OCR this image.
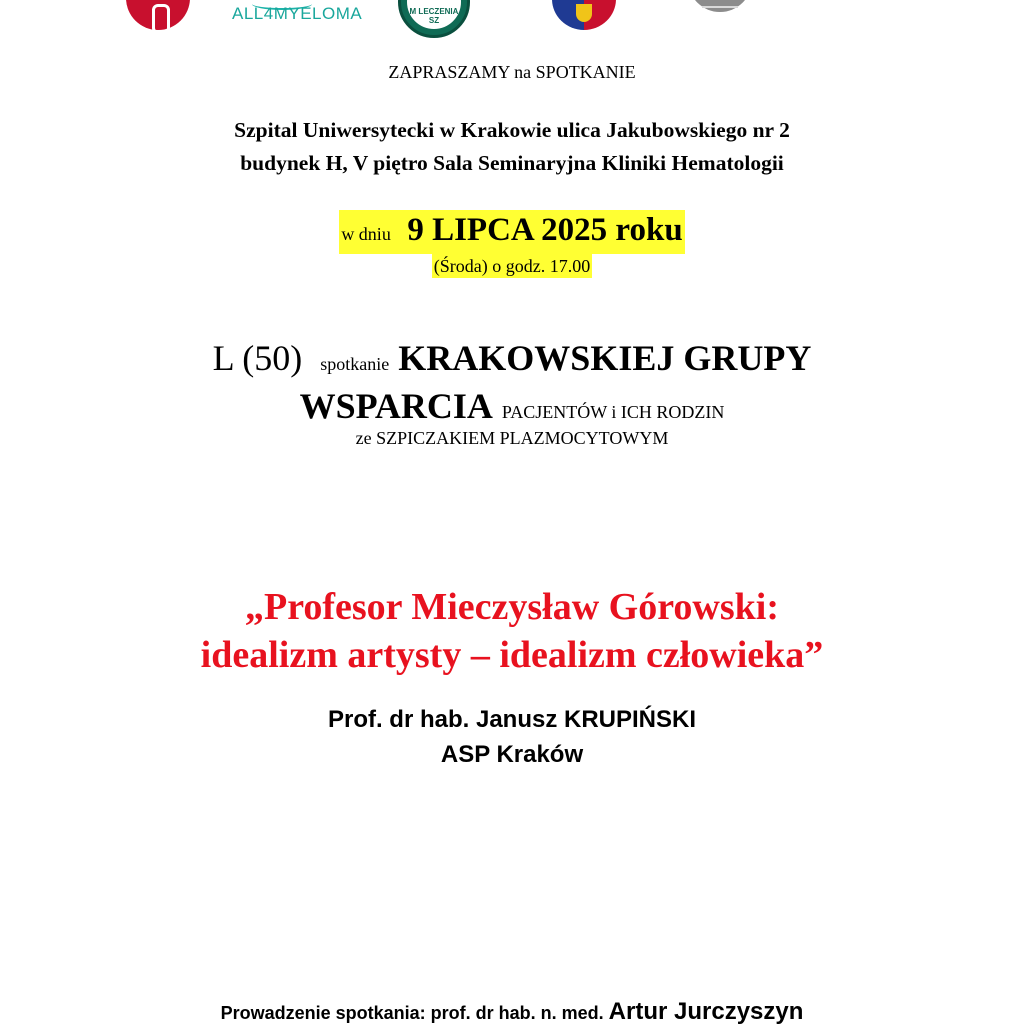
ALL4MYELOMA	M LECZENIA SZ
ZAPRASZAMY na SPOTKANIE
Szpital Uniwersytecki w Krakowie ulica Jakubowskiego nr 2
budynek H, V piętro Sala Seminaryjna Kliniki Hematologii
w dniu 9 LIPCA 2025 roku
(Środa) o godz. 17.00
L (50) spotkanie KRAKOWSKIEJ GRUPY
WSPARCIA PACJENTÓW i ICH RODZIN
ze SZPICZAKIEM PLAZMOCYTOWYM
„Profesor Mieczysław Górowski:
idealizm artysty – idealizm człowieka”
Prof. dr hab. Janusz KRUPIŃSKI
ASP Kraków
Prowadzenie spotkania: prof. dr hab. n. med. Artur Jurczyszyn
